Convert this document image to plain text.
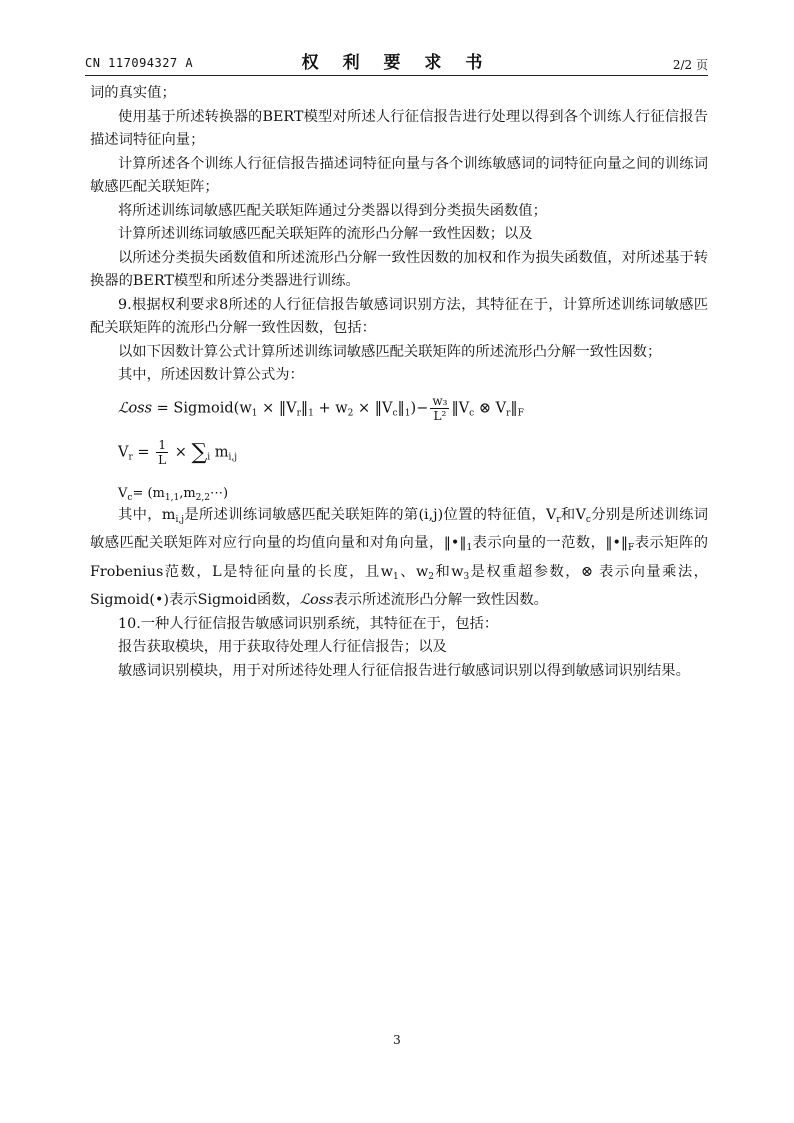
CN 117094327 A	权 利 要 求 书	2/2 页

词的真实值；

使用基于所述转换器的BERT模型对所述人行征信报告进行处理以得到各个训练人行征信报告描述词特征向量；

计算所述各个训练人行征信报告描述词特征向量与各个训练敏感词的词特征向量之间的训练词敏感匹配关联矩阵；

将所述训练词敏感匹配关联矩阵通过分类器以得到分类损失函数值；

计算所述训练词敏感匹配关联矩阵的流形凸分解一致性因数；以及

以所述分类损失函数值和所述流形凸分解一致性因数的加权和作为损失函数值，对所述基于转换器的BERT模型和所述分类器进行训练。

9.根据权利要求8所述的人行征信报告敏感词识别方法，其特征在于，计算所述训练词敏感匹配关联矩阵的流形凸分解一致性因数，包括：

以如下因数计算公式计算所述训练词敏感匹配关联矩阵的所述流形凸分解一致性因数；

其中，所述因数计算公式为：

ℒ𝑜𝑠𝑠 = $Sigmoid(w_1$ × $‖V_r‖_1 + w_2$ × $‖V_c‖_1)- \frac{\text{w₃}}{\text{L²}}$ $‖V_c$ ⊗ $V_r‖_F$
$V_r = \frac{1}{L} \times \sum_i$ $m_{i,j}$
$V_c=$ $(m_{1,1},m_{2,2}\cdots)$

其中，$m_{i,j}$是所述训练词敏感匹配关联矩阵的第(i,j)位置的特征值，$V_r$和$V_c$分别是所述训练词敏感匹配关联矩阵对应行向量的均值向量和对角向量，$‖•‖_1$表示向量的一范数，$‖•‖_F$表示矩阵的Frobenius范数，L是特征向量的长度，且$w_1$、$w_2$和$w_3$是权重超参数，⊗ 表示向量乘法，Sigmoid(•)表示Sigmoid函数，ℒ𝑜𝑠𝑠表示所述流形凸分解一致性因数。

10.一种人行征信报告敏感词识别系统，其特征在于，包括：

报告获取模块，用于获取待处理人行征信报告；以及

敏感词识别模块，用于对所述待处理人行征信报告进行敏感词识别以得到敏感词识别结果。

3
